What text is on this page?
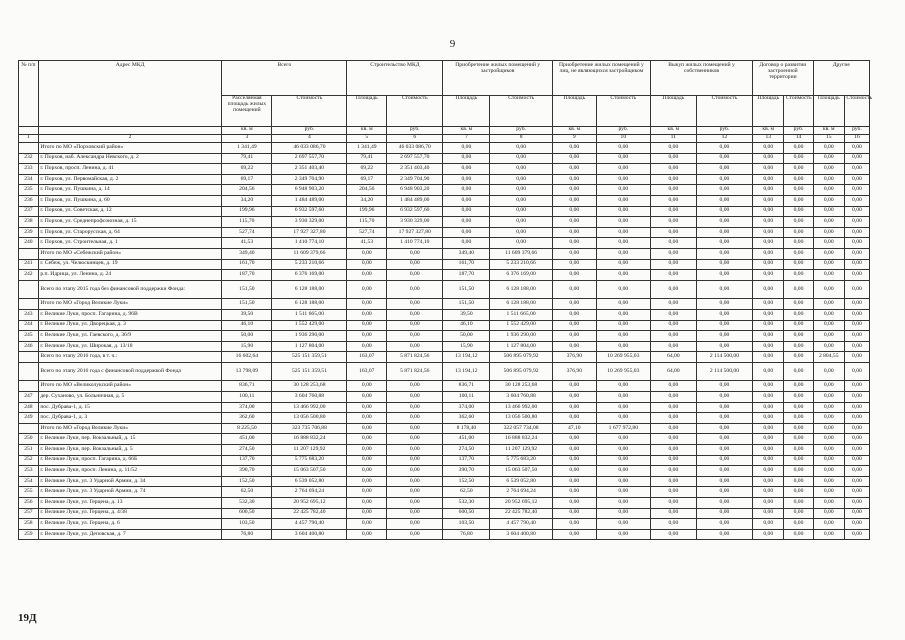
9
№ п/п	Адрес МКД	Всего		Строительство МКД		Приобретение жилых помещений у застройщиков		Приобретение жилых помещений у лиц, не являющихся застройщиком		Выкуп жилых помещений у собственников		Договор о развитии застроенной территории		Другие	
		Расселяемая площадь жилых помещений	Стоимость	Площадь	Стоимость	Площадь	Стоимость	Площадь	Стоимость	Площадь	Стоимость	Площадь	Стоимость	Площадь	Стоимость
		кв. м	руб.	кв. м	руб.	кв. м	руб.	кв. м	руб.	кв. м	руб.	кв. м	руб.	кв. м	руб.
1	2	3	4	5	6	7	8	9	10	11	12	13	14	15	16
	Итого по МО «Порховский район»	1 341,49	46 033 086,70	1 341,49	46 033 086,70	0,00	0,00	0,00	0,00	0,00	0,00	0,00	0,00	0,00	0,00
232	г. Порхов, наб. Александра Невского, д. 2	79,41	2 697 557,70	79,41	2 697 557,70	0,00	0,00	0,00	0,00	0,00	0,00	0,00	0,00	0,00	0,00
233	г. Порхов, просп. Ленина, д. 41	69,22	2 351 403,40	69,22	2 351 403,40	0,00	0,00	0,00	0,00	0,00	0,00	0,00	0,00	0,00	0,00
234	г. Порхов, ул. Первомайская, д. 2	69,17	2 349 704,90	69,17	2 349 704,90	0,00	0,00	0,00	0,00	0,00	0,00	0,00	0,00	0,00	0,00
235	г. Порхов, ул. Пушкина, д. 14	204,56	6 948 903,20	204,56	6 948 903,20	0,00	0,00	0,00	0,00	0,00	0,00	0,00	0,00	0,00	0,00
236	г. Порхов, ул. Пушкина, д. 60	34,20	1 484 489,00	34,20	1 484 489,00	0,00	0,00	0,00	0,00	0,00	0,00	0,00	0,00	0,00	0,00
237	г. Порхов, ул. Советская, д. 12	199,96	6 932 597,60	199,96	6 932 597,60	0,00	0,00	0,00	0,00	0,00	0,00	0,00	0,00	0,00	0,00
238	г. Порхов, ул. Среднепрофсоюзная, д. 15	115,70	3 930 329,00	115,70	3 930 329,00	0,00	0,00	0,00	0,00	0,00	0,00	0,00	0,00	0,00	0,00
239	г. Порхов, ул. Старорусская, д. 64	527,74	17 927 327,80	527,74	17 927 327,80	0,00	0,00	0,00	0,00	0,00	0,00	0,00	0,00	0,00	0,00
240	г. Порхов, ул. Строительная, д. 1	41,53	1 410 774,10	41,53	1 410 774,10	0,00	0,00	0,00	0,00	0,00	0,00	0,00	0,00	0,00	0,00
	Итого по МО «Себежский район»	349,40	11 609 379,66	0,00	0,00	349,40	11 609 379,66	0,00	0,00	0,00	0,00	0,00	0,00	0,00	0,00
241	г. Себеж, ул. Челюскинцев, д. 19	161,70	5 233 210,66	0,00	0,00	161,70	5 233 210,66	0,00	0,00	0,00	0,00	0,00	0,00	0,00	0,00
242	р.п. Идрица, ул. Ленина, д. 24	187,70	6 376 169,00	0,00	0,00	187,70	6 376 169,00	0,00	0,00	0,00	0,00	0,00	0,00	0,00	0,00
	Всего по этапу 2015 года без финансовой поддержки Фонда:	151,50	6 128 188,00	0,00	0,00	151,50	6 128 188,00	0,00	0,00	0,00	0,00	0,00	0,00	0,00	0,00
	Итого по МО «Город Великие Луки»	151,50	6 128 188,00	0,00	0,00	151,50	6 128 188,00	0,00	0,00	0,00	0,00	0,00	0,00	0,00	0,00
243	г. Великие Луки, просп. Гагарина, д. 96В	39,50	1 511 665,00	0,00	0,00	39,50	1 511 665,00	0,00	0,00	0,00	0,00	0,00	0,00	0,00	0,00
244	г. Великие Луки, ул. Дворецкая, д. 3	46,10	1 552 429,00	0,00	0,00	46,10	1 552 429,00	0,00	0,00	0,00	0,00	0,00	0,00	0,00	0,00
245	г. Великие Луки, ул. Гаевского, д. 36/9	50,00	1 936 290,00	0,00	0,00	50,00	1 936 290,00	0,00	0,00	0,00	0,00	0,00	0,00	0,00	0,00
246	г. Великие Луки, ул. Широкая, д. 13/18	15,90	1 127 804,00	0,00	0,00	15,90	1 127 804,00	0,00	0,00	0,00	0,00	0,00	0,00	0,00	0,00
	Всего по этапу 2016 года, в т. ч.:	16 602,64	525 151 359,51	163,07	5 871 824,56	13 194,12	506 895 079,92	376,90	10 269 955,03	64,00	2 114 500,00	0,00	0,00	2 804,55	0,00
	Всего по этапу 2016 года с финансовой поддержкой Фонда	13 798,09	525 151 359,51	163,07	5 871 824,56	13 194,12	506 895 079,92	376,90	10 269 955,03	64,00	2 114 500,00	0,00	0,00	0,00	0,00
	Итого по МО «Великолукский район»	836,71	30 128 253,68	0,00	0,00	836,71	30 128 253,68	0,00	0,00	0,00	0,00	0,00	0,00	0,00	0,00
247	дер. Суханово, ул. Больничная, д. 5	100,11	3 604 760,88	0,00	0,00	100,11	3 604 760,88	0,00	0,00	0,00	0,00	0,00	0,00	0,00	0,00
248	пос. Дубрава-1, д. 15	374,00	13 466 992,00	0,00	0,00	374,00	13 466 992,00	0,00	0,00	0,00	0,00	0,00	0,00	0,00	0,00
249	пос. Дубрава-1, д. 3	362,60	13 056 500,80	0,00	0,00	362,60	13 056 500,80	0,00	0,00	0,00	0,00	0,00	0,00	0,00	0,00
	Итого по МО «Город Великие Луки»	8 225,50	323 735 706,88	0,00	0,00	8 178,40	322 057 734,08	47,10	1 677 972,80	0,00	0,00	0,00	0,00	0,00	0,00
250	г. Великие Луки, пер. Вокзальный, д. 15	451,00	16 888 832,24	0,00	0,00	451,00	16 888 832,24	0,00	0,00	0,00	0,00	0,00	0,00	0,00	0,00
251	г. Великие Луки, пер. Вокзальный, д. 5	274,50	11 207 129,92	0,00	0,00	274,50	11 207 129,92	0,00	0,00	0,00	0,00	0,00	0,00	0,00	0,00
252	г. Великие Луки, просп. Гагарина, д. 66Б	137,70	5 775 683,20	0,00	0,00	137,70	5 775 683,20	0,00	0,00	0,00	0,00	0,00	0,00	0,00	0,00
253	г. Великие Луки, просп. Ленина, д. 11/52	390,70	15 063 507,50	0,00	0,00	390,70	15 063 507,50	0,00	0,00	0,00	0,00	0,00	0,00	0,00	0,00
254	г. Великие Луки, ул. 3 Ударной Армии, д. 34	152,50	6 539 052,80	0,00	0,00	152,50	6 539 052,80	0,00	0,00	0,00	0,00	0,00	0,00	0,00	0,00
255	г. Великие Луки, ул. 3 Ударной Армии, д. 74	62,50	2 764 694,24	0,00	0,00	62,50	2 764 694,24	0,00	0,00	0,00	0,00	0,00	0,00	0,00	0,00
256	г. Великие Луки, ул. Герцена, д. 13	532,30	20 952 695,12	0,00	0,00	532,30	20 952 695,12	0,00	0,00	0,00	0,00	0,00	0,00	0,00	0,00
257	г. Великие Луки, ул. Герцена, д. 4/38	600,50	22 425 782,40	0,00	0,00	600,50	22 425 782,40	0,00	0,00	0,00	0,00	0,00	0,00	0,00	0,00
258	г. Великие Луки, ул. Герцена, д. 6	103,50	4 457 790,40	0,00	0,00	103,50	4 457 790,40	0,00	0,00	0,00	0,00	0,00	0,00	0,00	0,00
259	г. Великие Луки, ул. Деповская, д. 7	76,80	3 604 400,80	0,00	0,00	76,80	3 604 400,80	0,00	0,00	0,00	0,00	0,00	0,00	0,00	0,00
19Д
